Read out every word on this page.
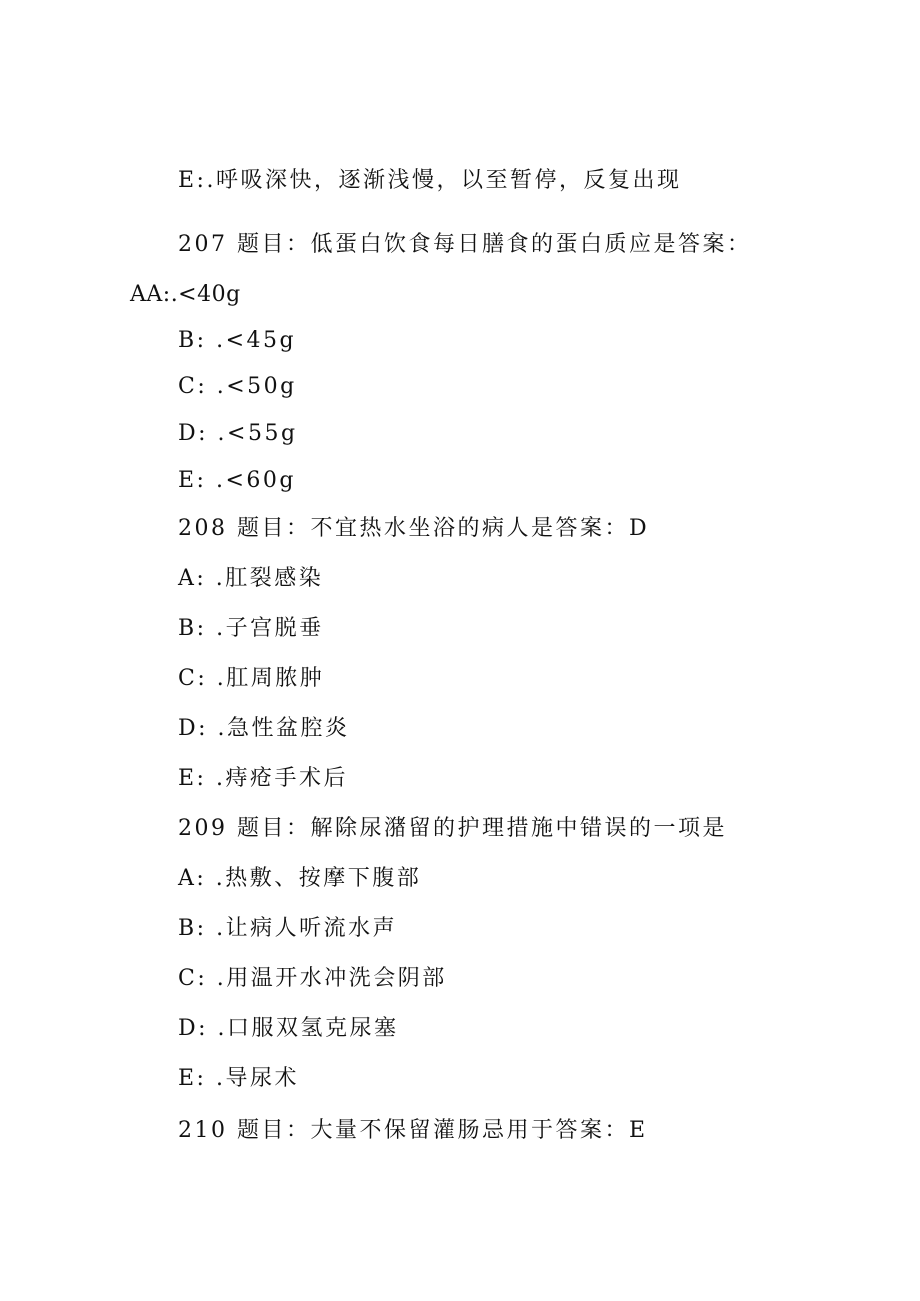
E:.呼吸深快，逐渐浅慢，以至暂停，反复出现
207 题目：低蛋白饮食每日膳食的蛋白质应是答案：
AA:.<40g
B: .<45g
C: .<50g
D: .<55g
E: .<60g
208 题目：不宜热水坐浴的病人是答案：D
A: .肛裂感染
B: .子宫脱垂
C: .肛周脓肿
D: .急性盆腔炎
E: .痔疮手术后
209 题目：解除尿潴留的护理措施中错误的一项是
A: .热敷、按摩下腹部
B: .让病人听流水声
C: .用温开水冲洗会阴部
D: .口服双氢克尿塞
E: .导尿术
210 题目：大量不保留灌肠忌用于答案：E
